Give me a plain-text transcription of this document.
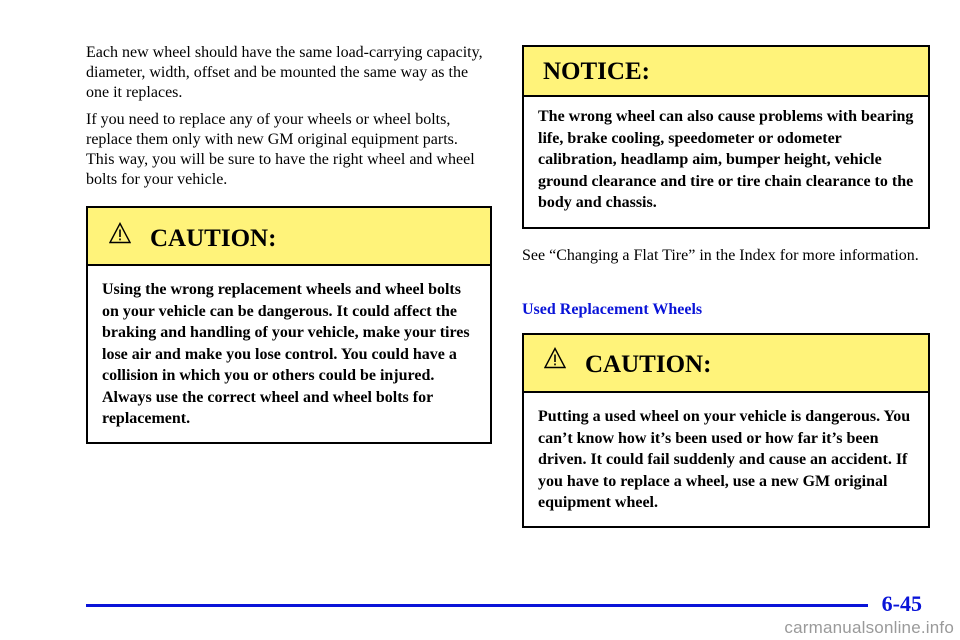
Each new wheel should have the same load-carrying capacity, diameter, width, offset and be mounted the same way as the one it replaces.

If you need to replace any of your wheels or wheel bolts, replace them only with new GM original equipment parts. This way, you will be sure to have the right wheel and wheel bolts for your vehicle.

CAUTION:
Using the wrong replacement wheels and wheel bolts on your vehicle can be dangerous. It could affect the braking and handling of your vehicle, make your tires lose air and make you lose control. You could have a collision in which you or others could be injured. Always use the correct wheel and wheel bolts for replacement.
NOTICE:
The wrong wheel can also cause problems with bearing life, brake cooling, speedometer or odometer calibration, headlamp aim, bumper height, vehicle ground clearance and tire or tire chain clearance to the body and chassis.

See “Changing a Flat Tire” in the Index for more information.

Used Replacement Wheels
CAUTION:
Putting a used wheel on your vehicle is dangerous. You can’t know how it’s been used or how far it’s been driven. It could fail suddenly and cause an accident. If you have to replace a wheel, use a new GM original equipment wheel.
6-45
carmanualsonline.info
